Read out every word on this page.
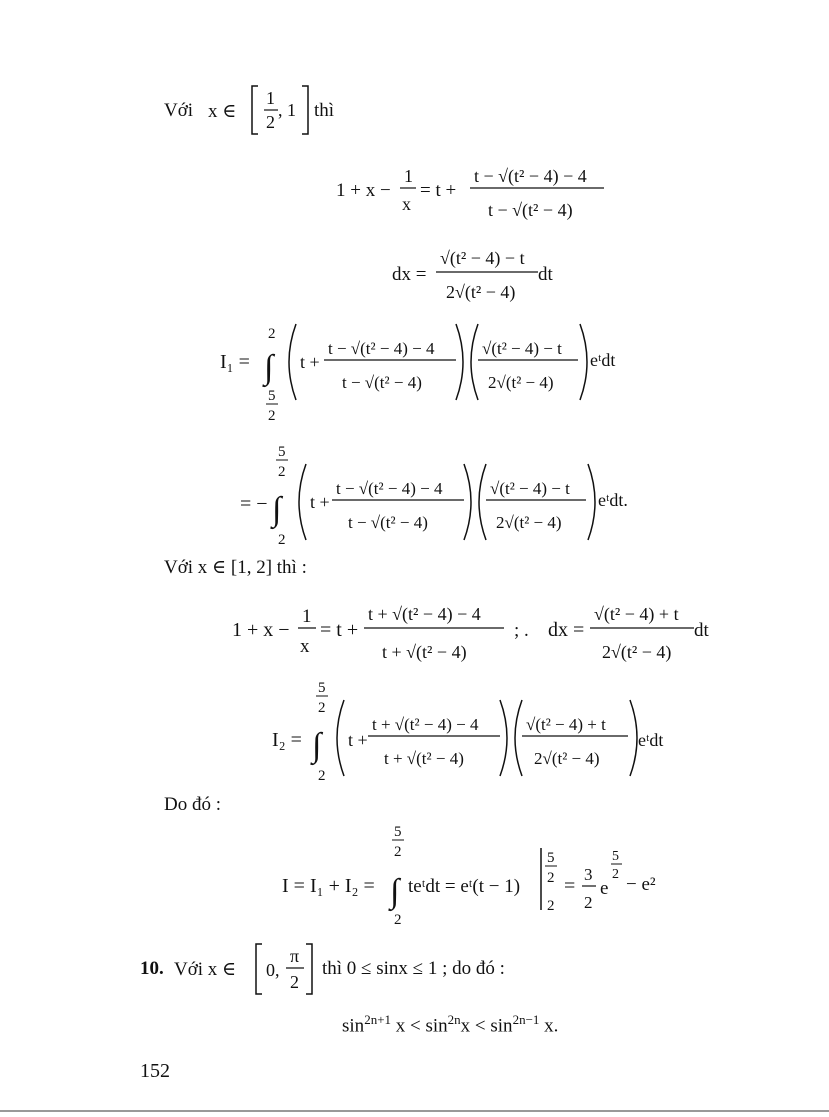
Với x ∈
1
2
, 1 thì
1 + x −
1
x
= t +
t − √(t² − 4) − 4
t − √(t² − 4)
dx =
√(t² − 4) − t
2√(t² − 4)
dt
I₁ =
2
∫
5
2
t +
t − √(t² − 4) − 4
t − √(t² − 4)
√(t² − 4) − t
2√(t² − 4)
eᵗdt
= −
5
2
∫
2
t +
t − √(t² − 4) − 4
t − √(t² − 4)
√(t² − 4) − t
2√(t² − 4)
eᵗdt.
Với x ∈ [1, 2] thì :
1 + x −
1
x
= t +
t + √(t² − 4) − 4
t + √(t² − 4)
; . dx =
√(t² − 4) + t
2√(t² − 4)
dt
I₂ =
5
2
∫
2
t +
t + √(t² − 4) − 4
t + √(t² − 4)
√(t² − 4) + t
2√(t² − 4)
eᵗdt
Do đó :
I = I₁ + I₂ =
5
2
∫
2
teᵗdt = eᵗ(t − 1)
5
2
2
=
3
2
e
5
2 − e²
10. Với x ∈ 0,
π
2
thì 0 ≤ sinx ≤ 1 ; do đó :
$\sin^{2n+1} x < \sin^{2n}x < \sin^{2n-1} x$.
152
